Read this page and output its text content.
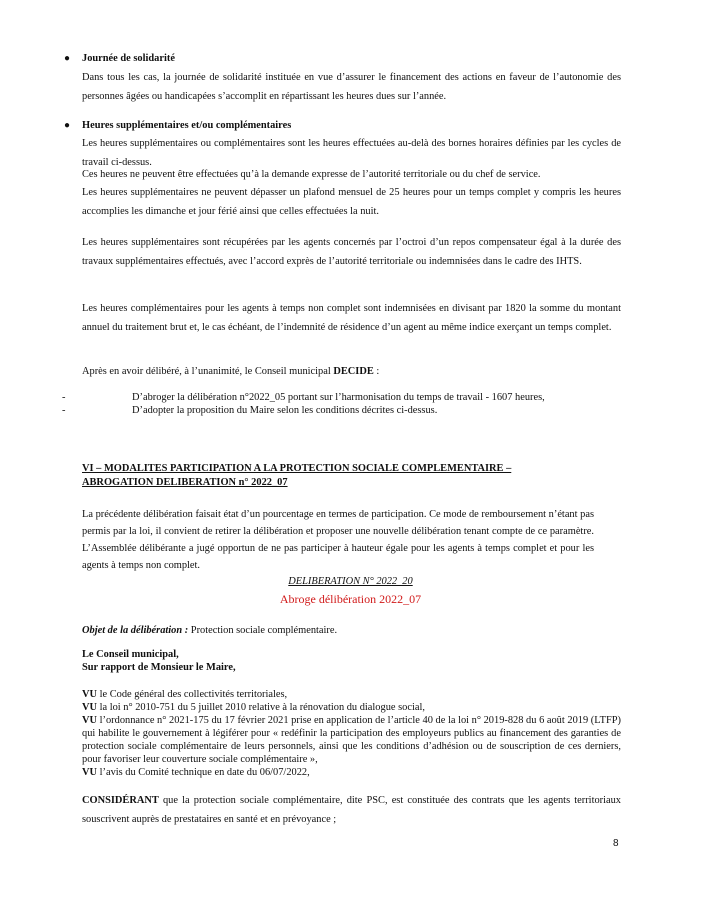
● Journée de solidarité

Dans tous les cas, la journée de solidarité instituée en vue d’assurer le financement des actions en faveur de l’autonomie des personnes âgées ou handicapées s’accomplit en répartissant les heures dues sur l’année.

● Heures supplémentaires et/ou complémentaires

Les heures supplémentaires ou complémentaires sont les heures effectuées au-delà des bornes horaires définies par les cycles de travail ci-dessus.

Ces heures ne peuvent être effectuées qu’à la demande expresse de l’autorité territoriale ou du chef de service.

Les heures supplémentaires ne peuvent dépasser un plafond mensuel de 25 heures pour un temps complet y compris les heures accomplies les dimanche et jour férié ainsi que celles effectuées la nuit.

Les heures supplémentaires sont récupérées par les agents concernés par l’octroi d’un repos compensateur égal à la durée des travaux supplémentaires effectués, avec l’accord exprès de l’autorité territoriale ou indemnisées dans le cadre des IHTS.

Les heures complémentaires pour les agents à temps non complet sont indemnisées en divisant par 1820 la somme du montant annuel du traitement brut et, le cas échéant, de l’indemnité de résidence d’un agent au même indice exerçant un temps complet.

Après en avoir délibéré, à l’unanimité, le Conseil municipal DECIDE :

-	D’abroger la délibération n°2022_05 portant sur l’harmonisation du temps de travail - 1607 heures,
-	D’adopter la proposition du Maire selon les conditions décrites ci-dessus.
VI – MODALITES PARTICIPATION A LA PROTECTION SOCIALE COMPLEMENTAIRE –
ABROGATION DELIBERATION n° 2022_07

La précédente délibération faisait état d’un pourcentage en termes de participation. Ce mode de remboursement n’étant pas permis par la loi, il convient de retirer la délibération et proposer une nouvelle délibération tenant compte de ce paramètre. L’Assemblée délibérante a jugé opportun de ne pas participer à hauteur égale pour les agents à temps complet et pour les agents à temps non complet.

DELIBERATION N° 2022_20
Abroge délibération 2022_07

Objet de la délibération : Protection sociale complémentaire.

Le Conseil municipal,
Sur rapport de Monsieur le Maire,
VU le Code général des collectivités territoriales,
VU la loi n° 2010-751 du 5 juillet 2010 relative à la rénovation du dialogue social,
VU l’ordonnance n° 2021-175 du 17 février 2021 prise en application de l’article 40 de la loi n° 2019-828 du 6 août 2019 (LTFP) qui habilite le gouvernement à légiférer pour « redéfinir la participation des employeurs publics au financement des garanties de protection sociale complémentaire de leurs personnels, ainsi que les conditions d’adhésion ou de souscription de ces derniers, pour favoriser leur couverture sociale complémentaire »,
VU l’avis du Comité technique en date du 06/07/2022,

CONSIDÉRANT que la protection sociale complémentaire, dite PSC, est constituée des contrats que les agents territoriaux souscrivent auprès de prestataires en santé et en prévoyance ;

8
